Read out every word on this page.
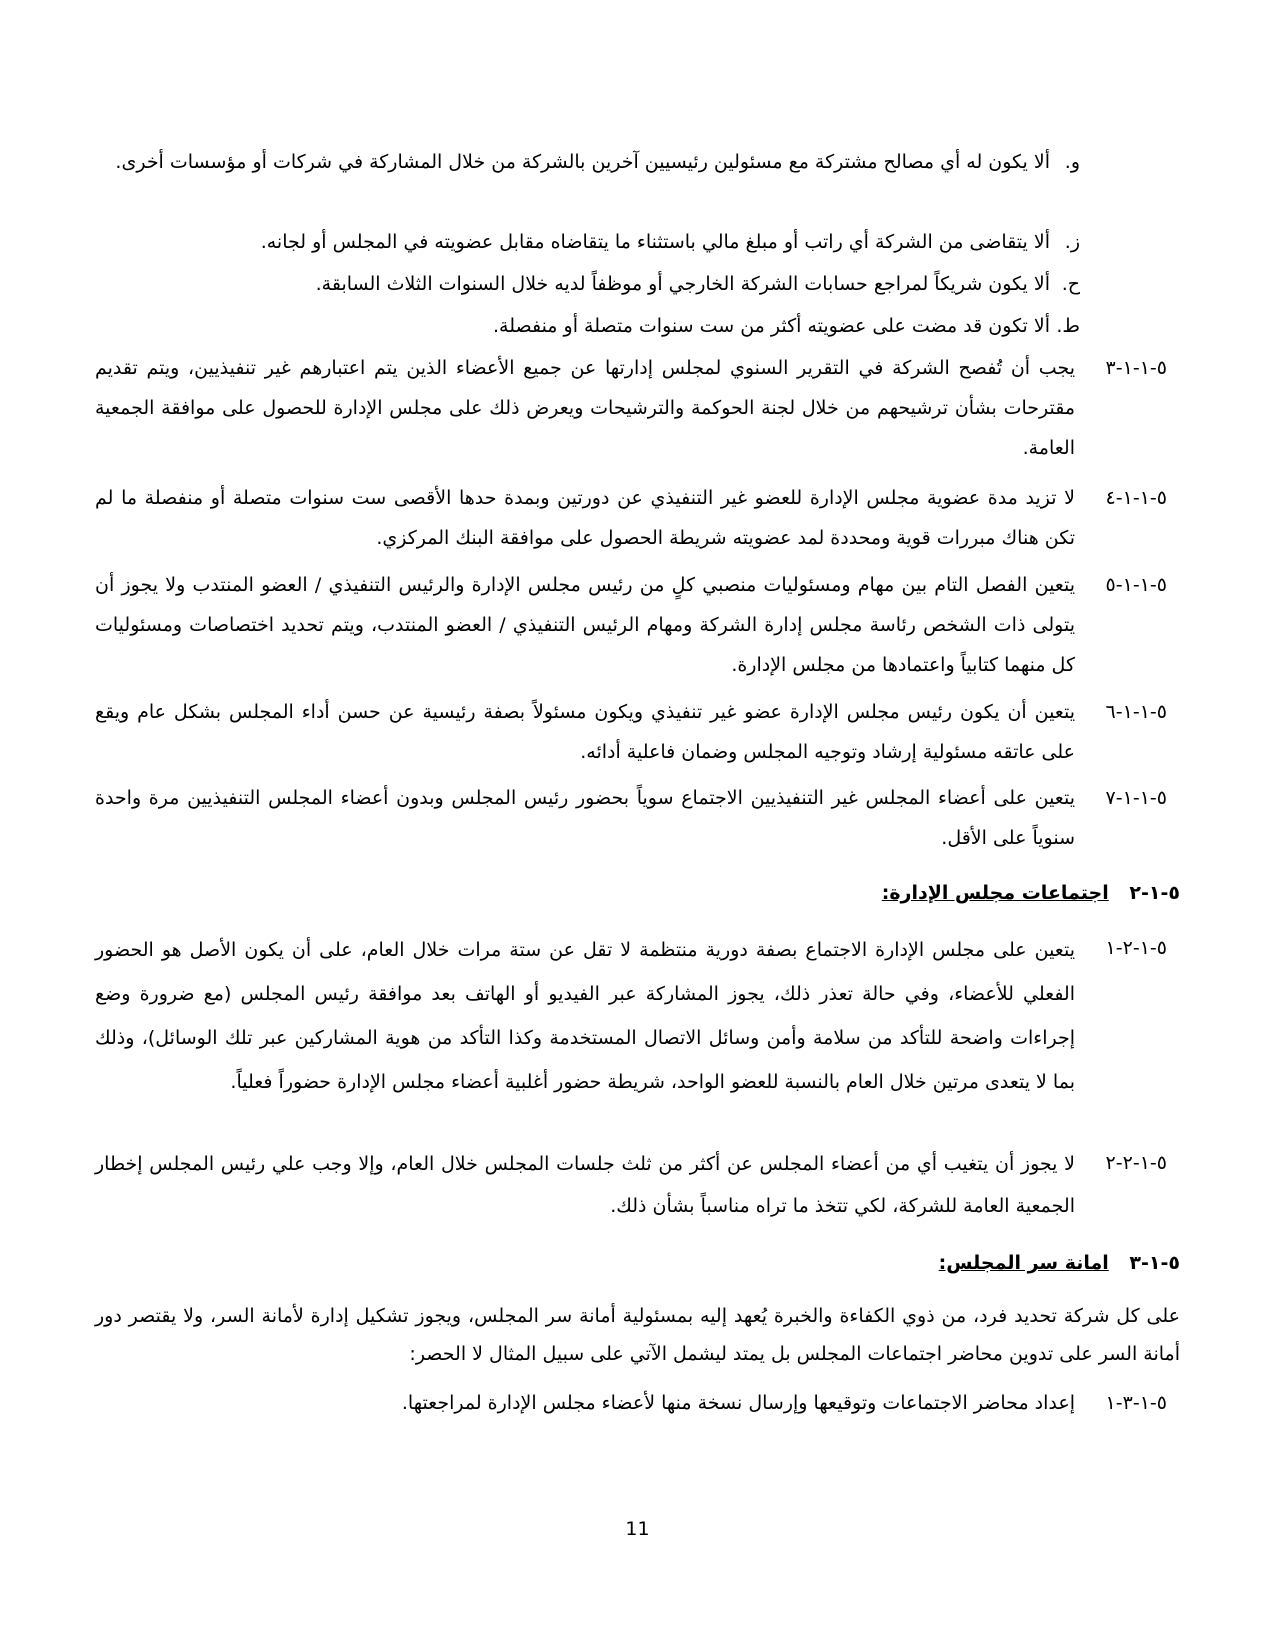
و.

ألا يكون له أي مصالح مشتركة مع مسئولين رئيسيين آخرين بالشركة من خلال المشاركة في شركات أو مؤسسات أخرى.

ز.

ألا يتقاضى من الشركة أي راتب أو مبلغ مالي باستثناء ما يتقاضاه مقابل عضويته في المجلس أو لجانه.

ح.

ألا يكون شريكاً لمراجع حسابات الشركة الخارجي أو موظفاً لديه خلال السنوات الثلاث السابقة.

ط.

ألا تكون قد مضت على عضويته أكثر من ست سنوات متصلة أو منفصلة.

٥-١-١-٣

يجب أن تُفصح الشركة في التقرير السنوي لمجلس إدارتها عن جميع الأعضاء الذين يتم اعتبارهم غير تنفيذيين، ويتم تقديم مقترحات بشأن ترشيحهم من خلال لجنة الحوكمة والترشيحات ويعرض ذلك على مجلس الإدارة للحصول على موافقة الجمعية العامة.

٥-١-١-٤

لا تزيد مدة عضوية مجلس الإدارة للعضو غير التنفيذي عن دورتين وبمدة حدها الأقصى ست سنوات متصلة أو منفصلة ما لم تكن هناك مبررات قوية ومحددة لمد عضويته شريطة الحصول على موافقة البنك المركزي.

٥-١-١-٥

يتعين الفصل التام بين مهام ومسئوليات منصبي كلٍ من رئيس مجلس الإدارة والرئيس التنفيذي / العضو المنتدب ولا يجوز أن يتولى ذات الشخص رئاسة مجلس إدارة الشركة ومهام الرئيس التنفيذي / العضو المنتدب، ويتم تحديد اختصاصات ومسئوليات كل منهما كتابياً واعتمادها من مجلس الإدارة.

٥-١-١-٦

يتعين أن يكون رئيس مجلس الإدارة عضو غير تنفيذي ويكون مسئولاً بصفة رئيسية عن حسن أداء المجلس بشكل عام ويقع على عاتقه مسئولية إرشاد وتوجيه المجلس وضمان فاعلية أدائه.

٥-١-١-٧

يتعين على أعضاء المجلس غير التنفيذيين الاجتماع سوياً بحضور رئيس المجلس وبدون أعضاء المجلس التنفيذيين مرة واحدة سنوياً على الأقل.

٥-١-٢ اجتماعات مجلس الإدارة:
٥-١-٢-١

يتعين على مجلس الإدارة الاجتماع بصفة دورية منتظمة لا تقل عن ستة مرات خلال العام، على أن يكون الأصل هو الحضور الفعلي للأعضاء، وفي حالة تعذر ذلك، يجوز المشاركة عبر الفيديو أو الهاتف بعد موافقة رئيس المجلس (مع ضرورة وضع إجراءات واضحة للتأكد من سلامة وأمن وسائل الاتصال المستخدمة وكذا التأكد من هوية المشاركين عبر تلك الوسائل)، وذلك بما لا يتعدى مرتين خلال العام بالنسبة للعضو الواحد، شريطة حضور أغلبية أعضاء مجلس الإدارة حضوراً فعلياً.

٥-١-٢-٢

لا يجوز أن يتغيب أي من أعضاء المجلس عن أكثر من ثلث جلسات المجلس خلال العام، وإلا وجب علي رئيس المجلس إخطار الجمعية العامة للشركة، لكي تتخذ ما تراه مناسباً بشأن ذلك.

٥-١-٣ امانة سر المجلس:

على كل شركة تحديد فرد، من ذوي الكفاءة والخبرة يُعهد إليه بمسئولية أمانة سر المجلس، ويجوز تشكيل إدارة لأمانة السر، ولا يقتصر دور أمانة السر على تدوين محاضر اجتماعات المجلس بل يمتد ليشمل الآتي على سبيل المثال لا الحصر:

٥-١-٣-١

إعداد محاضر الاجتماعات وتوقيعها وإرسال نسخة منها لأعضاء مجلس الإدارة لمراجعتها.

11
